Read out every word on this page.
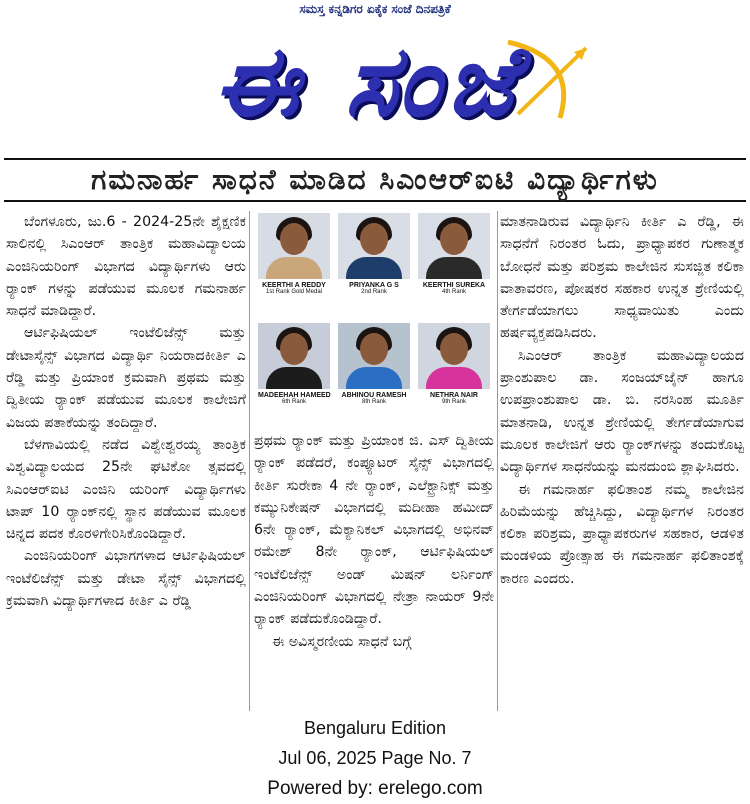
ಸಮಸ್ತ ಕನ್ನಡಿಗರ ಏಕೈಕ ಸಂಜೆ ದಿನಪತ್ರಿಕೆ
ಈ ಸಂಜೆ
ಗಮನಾರ್ಹ ಸಾಧನೆ ಮಾಡಿದ ಸಿಎಂಆರ್‌ಐಟಿ ವಿದ್ಯಾರ್ಥಿಗಳು

ಬೆಂಗಳೂರು, ಜು.6 - 2024-25ನೇ ಶೈಕ್ಷಣಿಕ ಸಾಲಿನಲ್ಲಿ ಸಿಎಂಆರ್ ತಾಂತ್ರಿಕ ಮಹಾವಿದ್ಯಾಲಯ ಎಂಜಿನಿಯರಿಂಗ್ ವಿಭಾಗದ ವಿದ್ಯಾರ್ಥಿಗಳು ಆರು ರ್‍ಯಾಂಕ್ ಗಳನ್ನು ಪಡೆಯುವ ಮೂಲಕ ಗಮನಾರ್ಹ ಸಾಧನೆ ಮಾಡಿದ್ದಾರೆ.

ಆರ್ಟಿಫಿಷಿಯಲ್ ಇಂಟೆಲಿಜೆನ್ಸ್ ಮತ್ತು ಡೇಟಾಸೈನ್ಸ್ ವಿಭಾಗದ ವಿದ್ಯಾರ್ಥಿ ನಿಯರಾದಕೀರ್ತಿ ಎ ರೆಡ್ಡಿ ಮತ್ತು ಪ್ರಿಯಾಂಕ ಕ್ರಮವಾಗಿ ಪ್ರಥಮ ಮತ್ತು ದ್ವಿತೀಯ ರ್‍ಯಾಂಕ್ ಪಡೆಯುವ ಮೂಲಕ ಕಾಲೇಜಿಗೆ ವಿಜಯ ಪತಾಕೆಯನ್ನು ತಂದಿದ್ದಾರೆ.

ಬೆಳಗಾವಿಯಲ್ಲಿ ನಡೆದ ವಿಶ್ವೇಶ್ವರಯ್ಯ ತಾಂತ್ರಿಕ ವಿಶ್ವವಿದ್ಯಾಲಯದ 25ನೇ ಘಟಿಕೋ ತ್ಸವದಲ್ಲಿ ಸಿಎಂಆರ್‌ಐಟಿ ಎಂಜಿನಿ ಯರಿಂಗ್ ವಿದ್ಯಾರ್ಥಿಗಳು ಟಾಪ್ 10 ರ್‍ಯಾಂಕ್‌ನಲ್ಲಿ ಸ್ಥಾನ ಪಡೆಯುವ ಮೂಲಕ ಚಿನ್ನದ ಪದಕ ಕೊರಳಿಗೇರಿಸಿಕೊಂಡಿದ್ದಾರೆ.

ಎಂಜಿನಿಯರಿಂಗ್ ವಿಭಾಗಗಳಾದ ಆರ್ಟಿಫಿಷಿಯಲ್ ಇಂಟೆಲಿಜೆನ್ಸ್ ಮತ್ತು ಡೇಟಾ ಸೈನ್ಸ್ ವಿಭಾಗದಲ್ಲಿ ಕ್ರಮವಾಗಿ ವಿದ್ಯಾರ್ಥಿಗಳಾದ ಕೀರ್ತಿ ಎ ರೆಡ್ಡಿ

KEERTHI A REDDY
1st Rank Gold Medal
PRIYANKA G S
2nd Rank
KEERTHI SUREKA
4th Rank
MADEEHAH HAMEED
6th Rank
ABHINOU RAMESH
8th Rank
NETHRA NAIR
9th Rank

ಪ್ರಥಮ ರ್‍ಯಾಂಕ್ ಮತ್ತು ಪ್ರಿಯಾಂಕ ಜಿ. ಎಸ್ ದ್ವಿತೀಯ ರ್‍ಯಾಂಕ್ ಪಡೆದರೆ, ಕಂಪ್ಯೂಟರ್ ಸೈನ್ಸ್ ವಿಭಾಗದಲ್ಲಿ ಕೀರ್ತಿ ಸುರೇಕಾ 4 ನೇ ರ್‍ಯಾಂಕ್, ಎಲೆಕ್ಟ್ರಾನಿಕ್ಸ್ ಮತ್ತು ಕಮ್ಯುನಿಕೇಷನ್ ವಿಭಾಗದಲ್ಲಿ ಮದೀಹಾ ಹಮೀದ್ 6ನೇ ರ್‍ಯಾಂಕ್, ಮೆಕ್ಯಾನಿಕಲ್ ವಿಭಾಗದಲ್ಲಿ ಅಭಿನವ್ ರಮೇಶ್ 8ನೇ ರ್‍ಯಾಂಕ್, ಆರ್ಟಿಫಿಷಿಯಲ್ ಇಂಟೆಲಿಜೆನ್ಸ್ ಅಂಡ್ ಮಿಷನ್ ಲರ್ನಿಂಗ್ ಎಂಜಿನಿಯರಿಂಗ್ ವಿಭಾಗದಲ್ಲಿ ನೇತ್ರಾ ನಾಯರ್ 9ನೇ ರ್‍ಯಾಂಕ್ ಪಡೆದುಕೊಂಡಿದ್ದಾರೆ.

ಈ ಅವಿಸ್ಮರಣೀಯ ಸಾಧನೆ ಬಗ್ಗೆ

ಮಾತನಾಡಿರುವ ವಿದ್ಯಾರ್ಥಿನಿ ಕೀರ್ತಿ ಎ ರೆಡ್ಡಿ, ಈ ಸಾಧನೆಗೆ ನಿರಂತರ ಓದು, ಪ್ರಾಧ್ಯಾಪಕರ ಗುಣಾತ್ಮಕ ಬೋಧನೆ ಮತ್ತು ಪರಿಶ್ರಮ ಕಾಲೇಜಿನ ಸುಸಜ್ಜಿತ ಕಲಿಕಾ ವಾತಾವರಣ, ಪೋಷಕರ ಸಹಕಾರ ಉನ್ನತ ಶ್ರೇಣಿಯಲ್ಲಿ ತೇರ್ಗಡೆಯಾಗಲು ಸಾಧ್ಯವಾಯಿತು ಎಂದು ಹರ್ಷವ್ಯಕ್ತಪಡಿಸಿದರು.

ಸಿಎಂಆರ್ ತಾಂತ್ರಿಕ ಮಹಾವಿದ್ಯಾಲಯದ ಪ್ರಾಂಶುಪಾಲ ಡಾ. ಸಂಜಯ್‌ಜೈನ್ ಹಾಗೂ ಉಪಪ್ರಾಂಶುಪಾಲ ಡಾ. ಬಿ. ನರಸಿಂಹ ಮೂರ್ತಿ ಮಾತನಾಡಿ, ಉನ್ನತ ಶ್ರೇಣಿಯಲ್ಲಿ ತೇರ್ಗಡೆಯಾಗುವ ಮೂಲಕ ಕಾಲೇಜಿಗೆ ಆರು ರ್‍ಯಾಂಕ್‌ಗಳನ್ನು ತಂದುಕೊಟ್ಟ ವಿದ್ಯಾರ್ಥಿಗಳ ಸಾಧನೆಯನ್ನು ಮನದುಂಬಿ ಶ್ಲಾಘಿಸಿದರು.

ಈ ಗಮನಾರ್ಹ ಫಲಿತಾಂಶ ನಮ್ಮ ಕಾಲೇಜಿನ ಹಿರಿಮೆಯನ್ನು ಹೆಚ್ಚಿಸಿದ್ದು, ವಿದ್ಯಾರ್ಥಿಗಳ ನಿರಂತರ ಕಲಿಕಾ ಪರಿಶ್ರಮ, ಪ್ರಾಧ್ಯಾಪಕರುಗಳ ಸಹಕಾರ, ಆಡಳಿತ ಮಂಡಳಿಯ ಪ್ರೋತ್ಸಾಹ ಈ ಗಮನಾರ್ಹ ಫಲಿತಾಂಶಕ್ಕೆ ಕಾರಣ ಎಂದರು.

Bengaluru Edition
Jul 06, 2025 Page No. 7
Powered by: erelego.com
